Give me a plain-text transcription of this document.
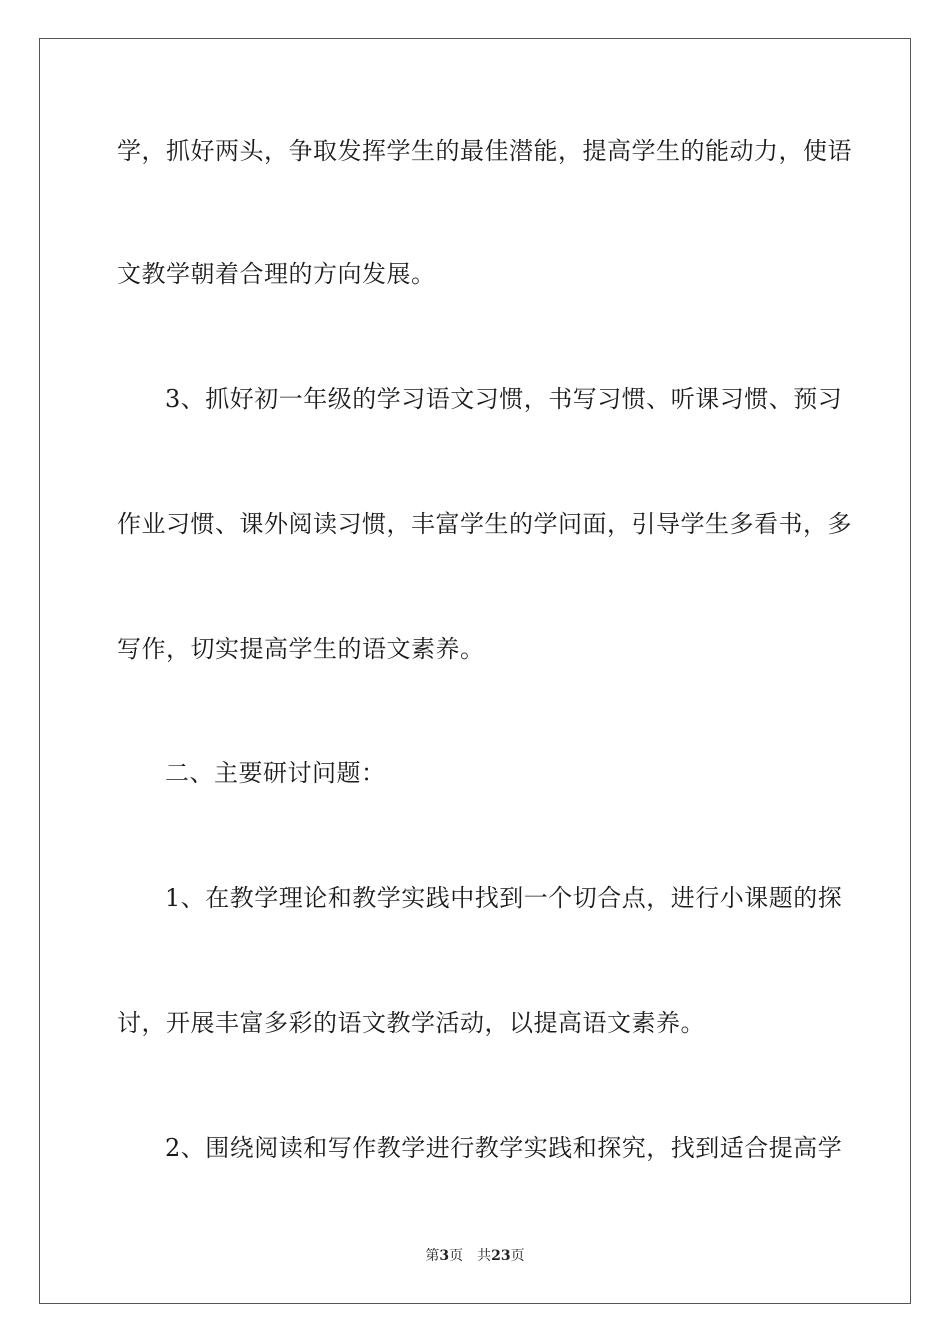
学，抓好两头，争取发挥学生的最佳潜能，提高学生的能动力，使语
文教学朝着合理的方向发展。
3、抓好初一年级的学习语文习惯，书写习惯、听课习惯、预习
作业习惯、课外阅读习惯，丰富学生的学问面，引导学生多看书，多
写作，切实提高学生的语文素养。
二、主要研讨问题：
1、在教学理论和教学实践中找到一个切合点，进行小课题的探
讨，开展丰富多彩的语文教学活动，以提高语文素养。
2、围绕阅读和写作教学进行教学实践和探究，找到适合提高学
第3页 共23页
